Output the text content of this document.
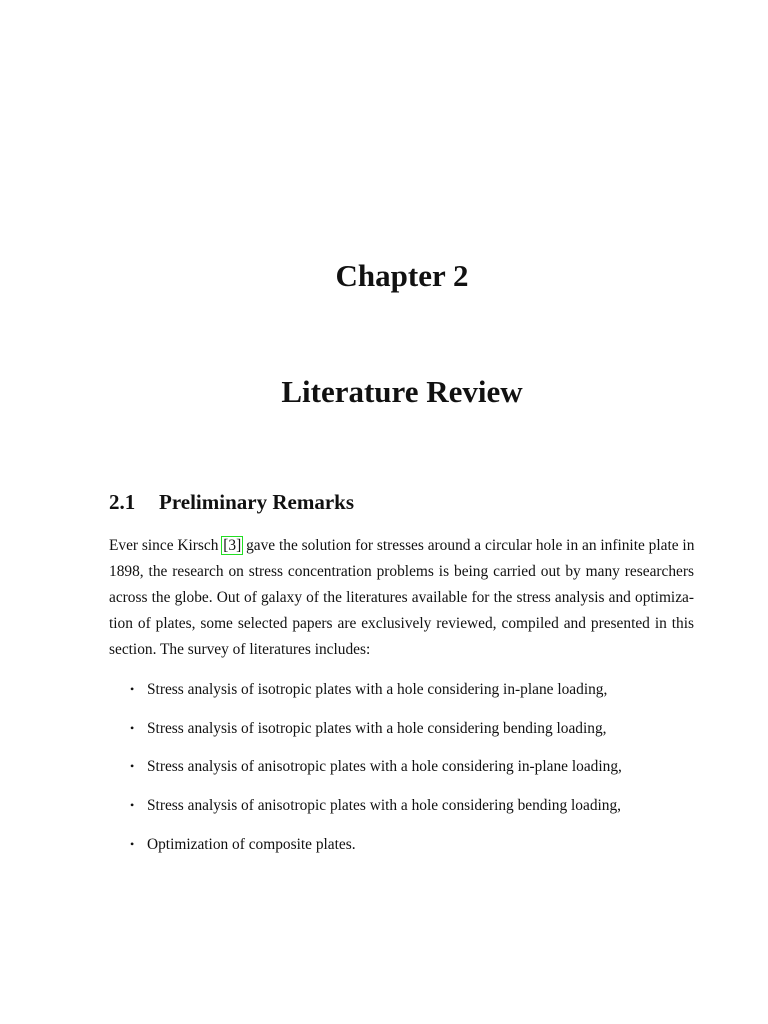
Chapter 2
Literature Review
2.1 Preliminary Remarks
Ever since Kirsch [3] gave the solution for stresses around a circular hole in an infinite plate in
1898, the research on stress concentration problems is being carried out by many researchers
across the globe. Out of galaxy of the literatures available for the stress analysis and optimiza-
tion of plates, some selected papers are exclusively reviewed, compiled and presented in this
section. The survey of literatures includes:
• Stress analysis of isotropic plates with a hole considering in-plane loading,
• Stress analysis of isotropic plates with a hole considering bending loading,
• Stress analysis of anisotropic plates with a hole considering in-plane loading,
• Stress analysis of anisotropic plates with a hole considering bending loading,
• Optimization of composite plates.
